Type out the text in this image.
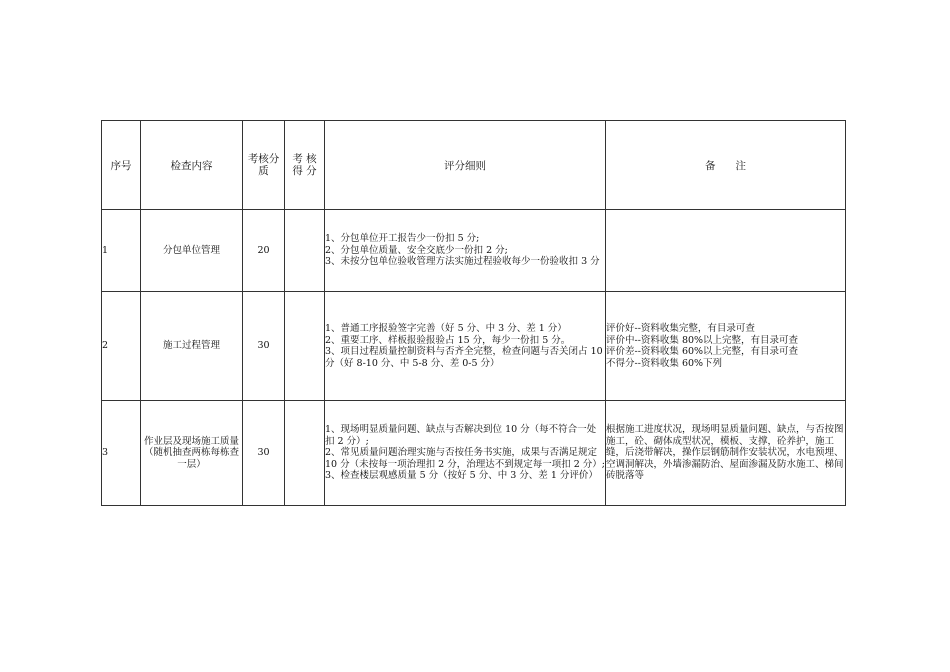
序号	检查内容	考核分质	考 核 得 分	评分细则	备      注
1	分包单位管理	20		1、分包单位开工报告少一份扣 5 分;
2、分包单位质量、安全交底少一份扣 2 分;
3、未按分包单位验收管理方法实施过程验收每少一份验收扣 3 分	

2	施工过程管理	30		1、普通工序报验签字完善（好 5 分、中 3 分、差 1 分）
2、重要工序、样板报验报验占 15 分，每少一份扣 5 分。
3、项目过程质量控制资料与否齐全完整，检查问题与否关闭占 10 分（好 8-10 分、中 5-8 分、差 0-5 分）	评价好--资料收集完整，有目录可查
评价中--资料收集 80%以上完整，有目录可查
评价差--资料收集 60%以上完整，有目录可查
不得分--资料收集 60%下列

3	作业层及现场施工质量（随机抽查两栋每栋查一层）	30		1、现场明显质量问题、缺点与否解决到位 10 分（每不符合一处扣 2 分）;
2、常见质量问题治理实施与否按任务书实施，成果与否满足规定 10 分（未按每一项治理扣 2 分，治理达不到规定每一项扣 2 分）;
3、检查楼层观感质量 5 分（按好 5 分、中 3 分、差 1 分评价）	根据施工进度状况，现场明显质量问题、缺点，与否按图施工，砼、砌体成型状况，模板、支撑，砼养护，施工缝，后浇带解决，操作层钢筋制作安装状况，水电预埋、空调洞解决，外墙渗漏防治、屋面渗漏及防水施工、梯间砖脱落等
